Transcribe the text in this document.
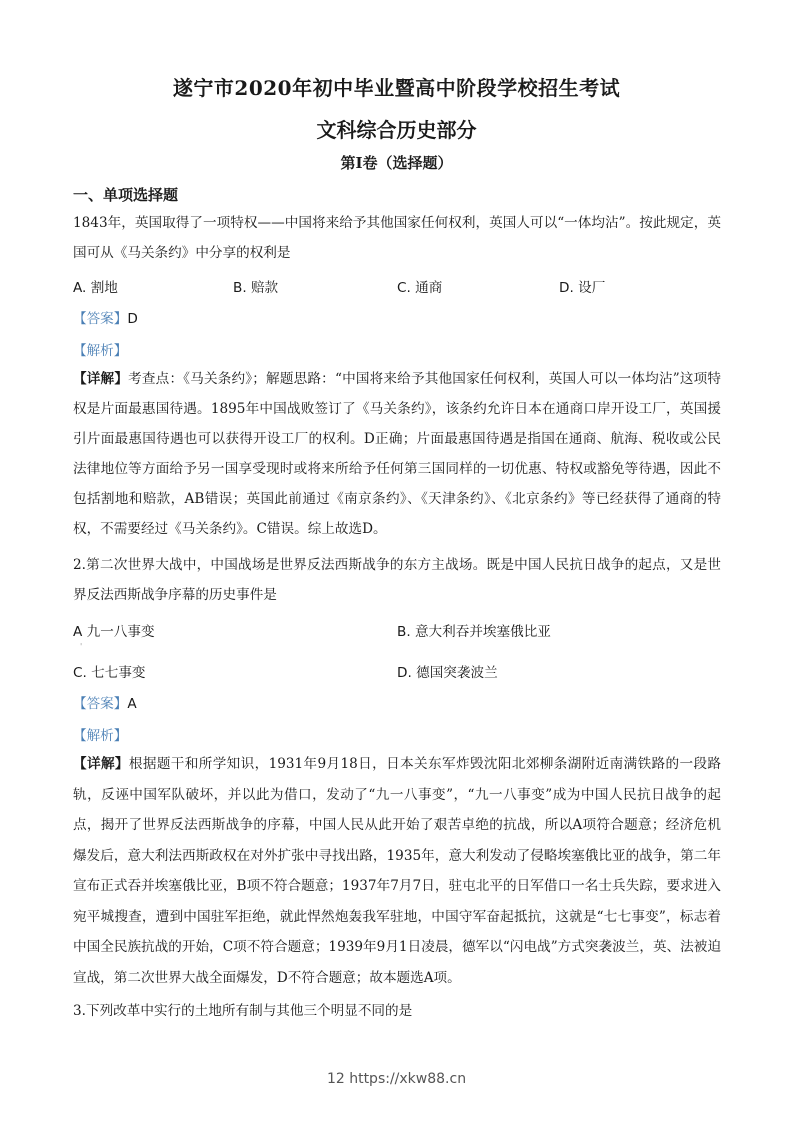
遂宁市2020年初中毕业暨高中阶段学校招生考试
文科综合历史部分
第Ⅰ卷（选择题）
一、单项选择题
1843年，英国取得了一项特权——中国将来给予其他国家任何权利，英国人可以“一体均沾”。按此规定，英国可从《马关条约》中分享的权利是
A. 割地	B. 赔款	C. 通商	D. 设厂
【答案】D
【解析】
【详解】考查点：《马关条约》；解题思路：“中国将来给予其他国家任何权利，英国人可以一体均沾”这项特权是片面最惠国待遇。1895年中国战败签订了《马关条约》，该条约允许日本在通商口岸开设工厂，英国援引片面最惠国待遇也可以获得开设工厂的权利。D正确；片面最惠国待遇是指国在通商、航海、税收或公民法律地位等方面给予另一国享受现时或将来所给予任何第三国同样的一切优惠、特权或豁免等待遇，因此不包括割地和赔款，AB错误；英国此前通过《南京条约》、《天津条约》、《北京条约》等已经获得了通商的特权，不需要经过《马关条约》。C错误。综上故选D。
2.第二次世界大战中，中国战场是世界反法西斯战争的东方主战场。既是中国人民抗日战争的起点，又是世界反法西斯战争序幕的历史事件是
A 九一八事变	B. 意大利吞并埃塞俄比亚
'
C. 七七事变	D. 德国突袭波兰
【答案】A
【解析】
【详解】根据题干和所学知识，1931年9月18日，日本关东军炸毁沈阳北郊柳条湖附近南满铁路的一段路轨，反诬中国军队破坏，并以此为借口，发动了“九一八事变”，“九一八事变”成为中国人民抗日战争的起点，揭开了世界反法西斯战争的序幕，中国人民从此开始了艰苦卓绝的抗战，所以A项符合题意；经济危机爆发后，意大利法西斯政权在对外扩张中寻找出路，1935年，意大利发动了侵略埃塞俄比亚的战争，第二年宣布正式吞并埃塞俄比亚，B项不符合题意；1937年7月7日，驻屯北平的日军借口一名士兵失踪，要求进入宛平城搜查，遭到中国驻军拒绝，就此悍然炮轰我军驻地，中国守军奋起抵抗，这就是“七七事变”，标志着中国全民族抗战的开始，C项不符合题意；1939年9月1日凌晨，德军以“闪电战”方式突袭波兰，英、法被迫宣战，第二次世界大战全面爆发，D不符合题意；故本题选A项。
3.下列改革中实行的土地所有制与其他三个明显不同的是
12 https://xkw88.cn
